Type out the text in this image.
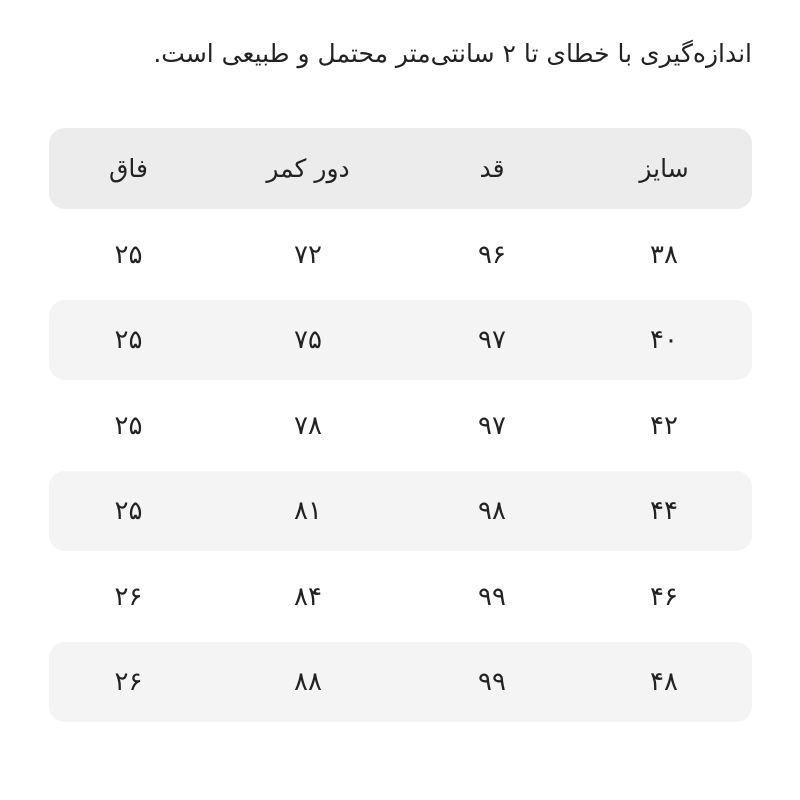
اندازه‌گیری با خطای تا ۲ سانتی‌متر محتمل و طبیعی است.
سایز
قد
دور کمر
فاق
۳۸
۹۶
۷۲
۲۵
۴۰
۹۷
۷۵
۲۵
۴۲
۹۷
۷۸
۲۵
۴۴
۹۸
۸۱
۲۵
۴۶
۹۹
۸۴
۲۶
۴۸
۹۹
۸۸
۲۶
